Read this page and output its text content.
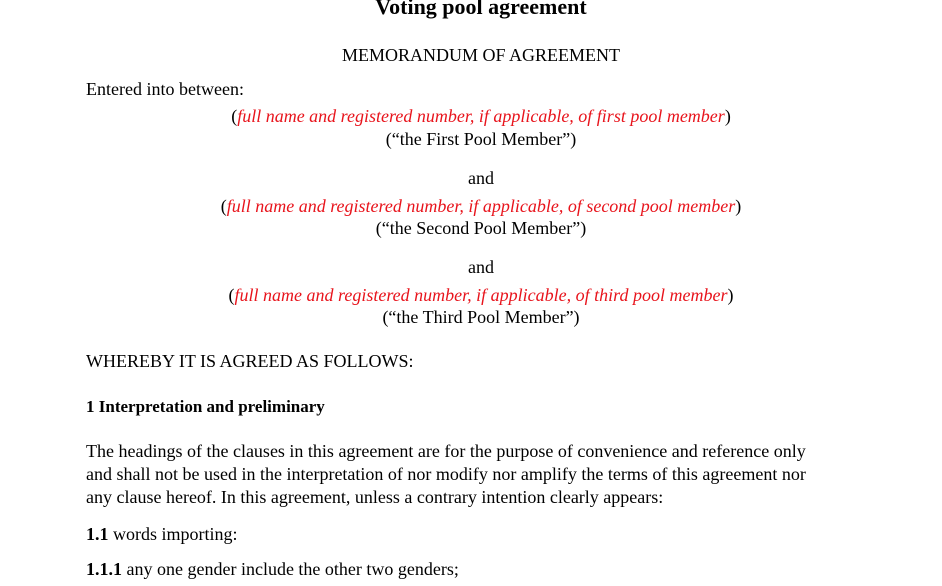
Voting pool agreement
MEMORANDUM OF AGREEMENT
Entered into between:
(full name and registered number, if applicable, of first pool member)
(“the First Pool Member”)
and
(full name and registered number, if applicable, of second pool member)
(“the Second Pool Member”)
and
(full name and registered number, if applicable, of third pool member)
(“the Third Pool Member”)
WHEREBY IT IS AGREED AS FOLLOWS:
1 Interpretation and preliminary
The headings of the clauses in this agreement are for the purpose of convenience and reference only
and shall not be used in the interpretation of nor modify nor amplify the terms of this agreement nor
any clause hereof. In this agreement, unless a contrary intention clearly appears:
1.1 words importing:
1.1.1 any one gender include the other two genders;
